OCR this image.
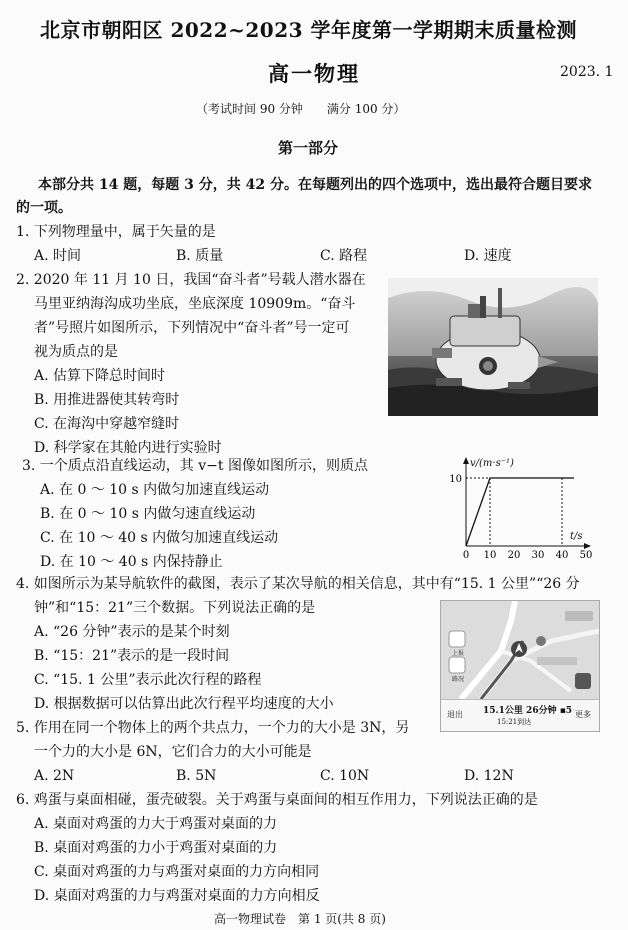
北京市朝阳区 2022~2023 学年度第一学期期末质量检测
高一物理	2023. 1
（考试时间 90 分钟　　满分 100 分）
第一部分
本部分共 14 题，每题 3 分，共 42 分。在每题列出的四个选项中，选出最符合题目要求
的一项。
1. 下列物理量中，属于矢量的是
A. 时间	B. 质量	C. 路程	D. 速度
2. 2020 年 11 月 10 日，我国“奋斗者”号载人潜水器在
马里亚纳海沟成功坐底，坐底深度 10909m。“奋斗
者”号照片如图所示，下列情况中“奋斗者”号一定可
视为质点的是
A. 估算下降总时间时
B. 用推进器使其转弯时
C. 在海沟中穿越窄缝时
D. 科学家在其舱内进行实验时
3. 一个质点沿直线运动，其 v−t 图像如图所示，则质点
A. 在 0 ～ 10 s 内做匀加速直线运动
B. 在 0 ～ 10 s 内做匀速直线运动
C. 在 10 ～ 40 s 内做匀加速直线运动
D. 在 10 ～ 40 s 内保持静止
v/(m·s⁻¹)
t/s
0 10 20 30 40 50
10
4. 如图所示为某导航软件的截图，表示了某次导航的相关信息，其中有“15. 1 公里”“26 分
钟”和“15：21”三个数据。下列说法正确的是
A. “26 分钟”表示的是某个时刻
B. “15：21”表示的是一段时间
C. “15. 1 公里”表示此次行程的路程
D. 根据数据可以估算出此次行程平均速度的大小
上报
路况
退出 15.1公里 26分钟 ▪5
15:21到达
更多
5. 作用在同一个物体上的两个共点力，一个力的大小是 3N，另
一个力的大小是 6N，它们合力的大小可能是
A. 2N	B. 5N	C. 10N	D. 12N
6. 鸡蛋与桌面相碰，蛋壳破裂。关于鸡蛋与桌面间的相互作用力，下列说法正确的是
A. 桌面对鸡蛋的力大于鸡蛋对桌面的力
B. 桌面对鸡蛋的力小于鸡蛋对桌面的力
C. 桌面对鸡蛋的力与鸡蛋对桌面的力方向相同
D. 桌面对鸡蛋的力与鸡蛋对桌面的力方向相反
高一物理试卷　第 1 页(共 8 页)
